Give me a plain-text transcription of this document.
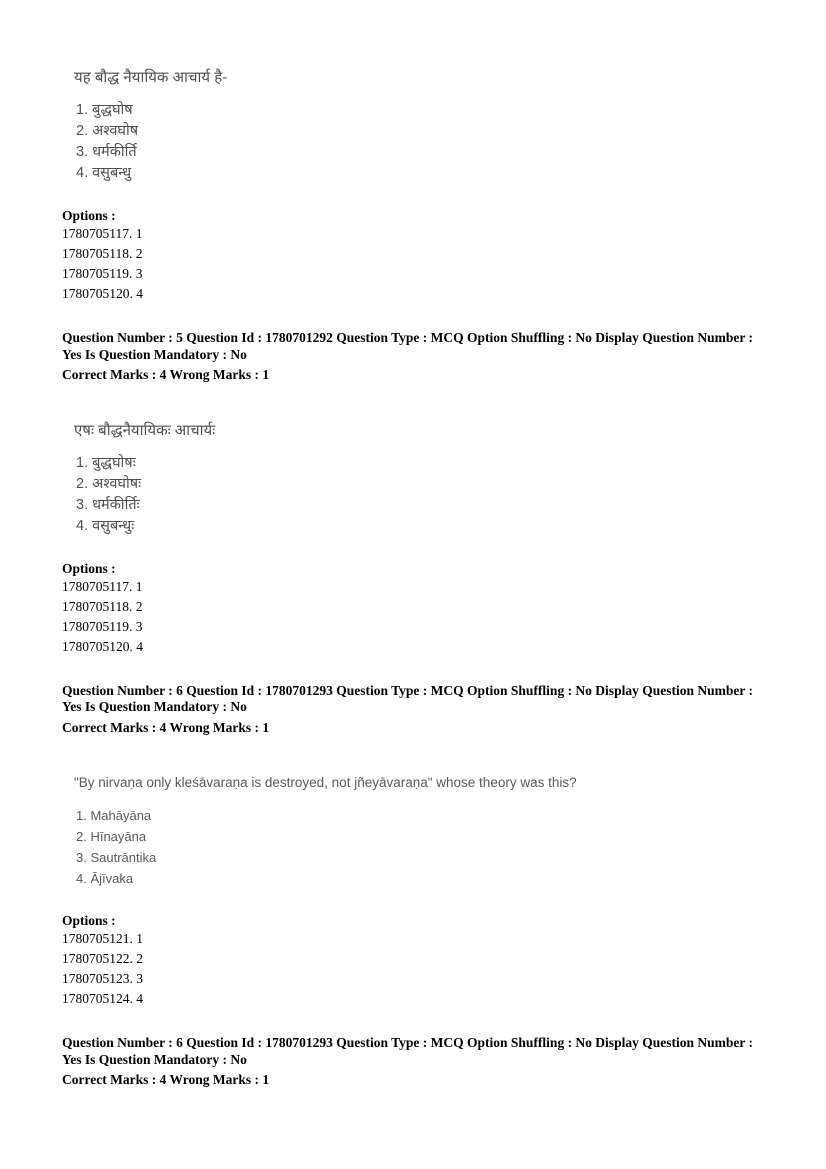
यह बौद्ध नैयायिक आचार्य है-

1. बुद्धघोष
2. अश्वघोष
3. धर्मकीर्ति
4. वसुबन्धु

Options :

1780705117. 1
1780705118. 2
1780705119. 3
1780705120. 4

Question Number : 5 Question Id : 1780701292 Question Type : MCQ Option Shuffling : No Display Question Number : Yes Is Question Mandatory : No

Correct Marks : 4 Wrong Marks : 1

एषः बौद्धनैयायिकः आचार्यः

1. बुद्धघोषः
2. अश्वघोषः
3. धर्मकीर्तिः
4. वसुबन्धुः

Options :

1780705117. 1
1780705118. 2
1780705119. 3
1780705120. 4

Question Number : 6 Question Id : 1780701293 Question Type : MCQ Option Shuffling : No Display Question Number : Yes Is Question Mandatory : No

Correct Marks : 4 Wrong Marks : 1

"By nirvaṇa only kleśāvaraṇa is destroyed, not jñeyāvaraṇa" whose theory was this?

1. Mahāyāna
2. Hīnayāna
3. Sautrāntika
4. Ājīvaka

Options :

1780705121. 1
1780705122. 2
1780705123. 3
1780705124. 4

Question Number : 6 Question Id : 1780701293 Question Type : MCQ Option Shuffling : No Display Question Number : Yes Is Question Mandatory : No

Correct Marks : 4 Wrong Marks : 1
